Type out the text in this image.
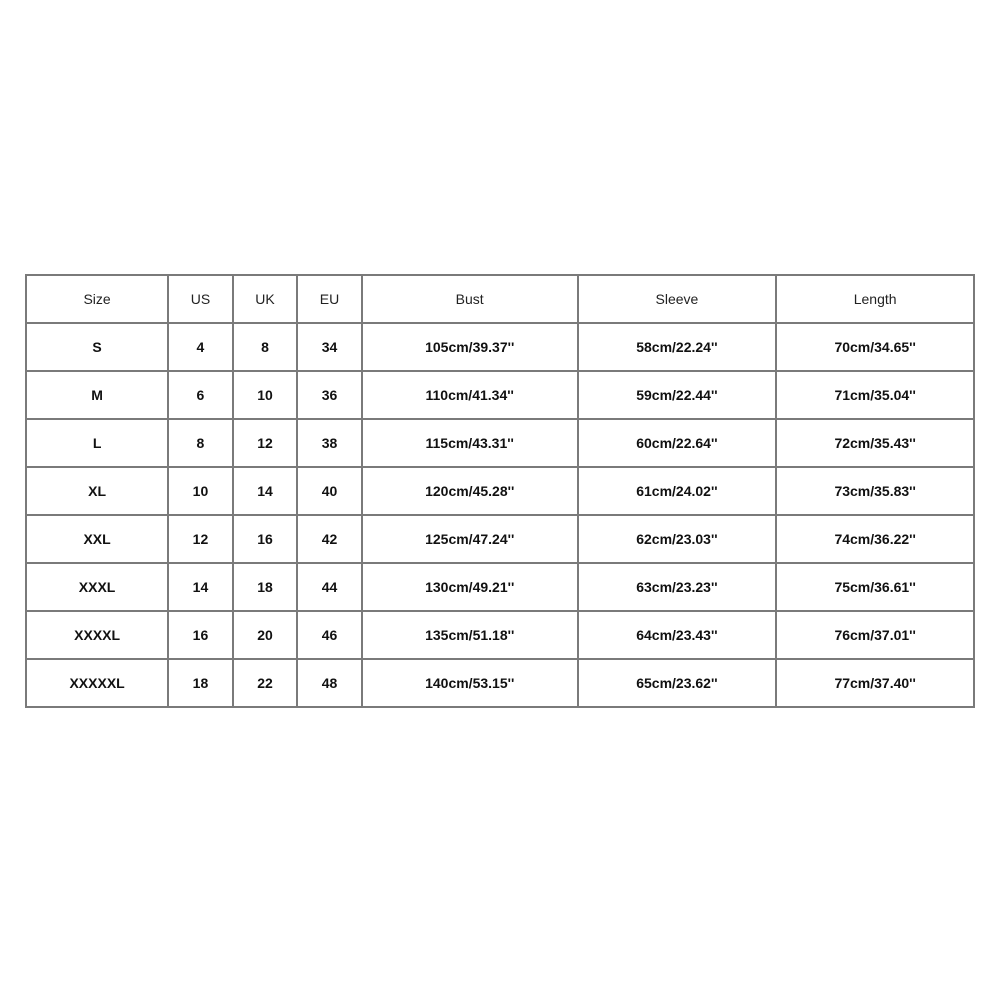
Size	US	UK	EU	Bust	Sleeve	Length
S	4	8	34	105cm/39.37''	58cm/22.24''	70cm/34.65''
M	6	10	36	110cm/41.34''	59cm/22.44''	71cm/35.04''
L	8	12	38	115cm/43.31''	60cm/22.64''	72cm/35.43''
XL	10	14	40	120cm/45.28''	61cm/24.02''	73cm/35.83''
XXL	12	16	42	125cm/47.24''	62cm/23.03''	74cm/36.22''
XXXL	14	18	44	130cm/49.21''	63cm/23.23''	75cm/36.61''
XXXXL	16	20	46	135cm/51.18''	64cm/23.43''	76cm/37.01''
XXXXXL	18	22	48	140cm/53.15''	65cm/23.62''	77cm/37.40''
